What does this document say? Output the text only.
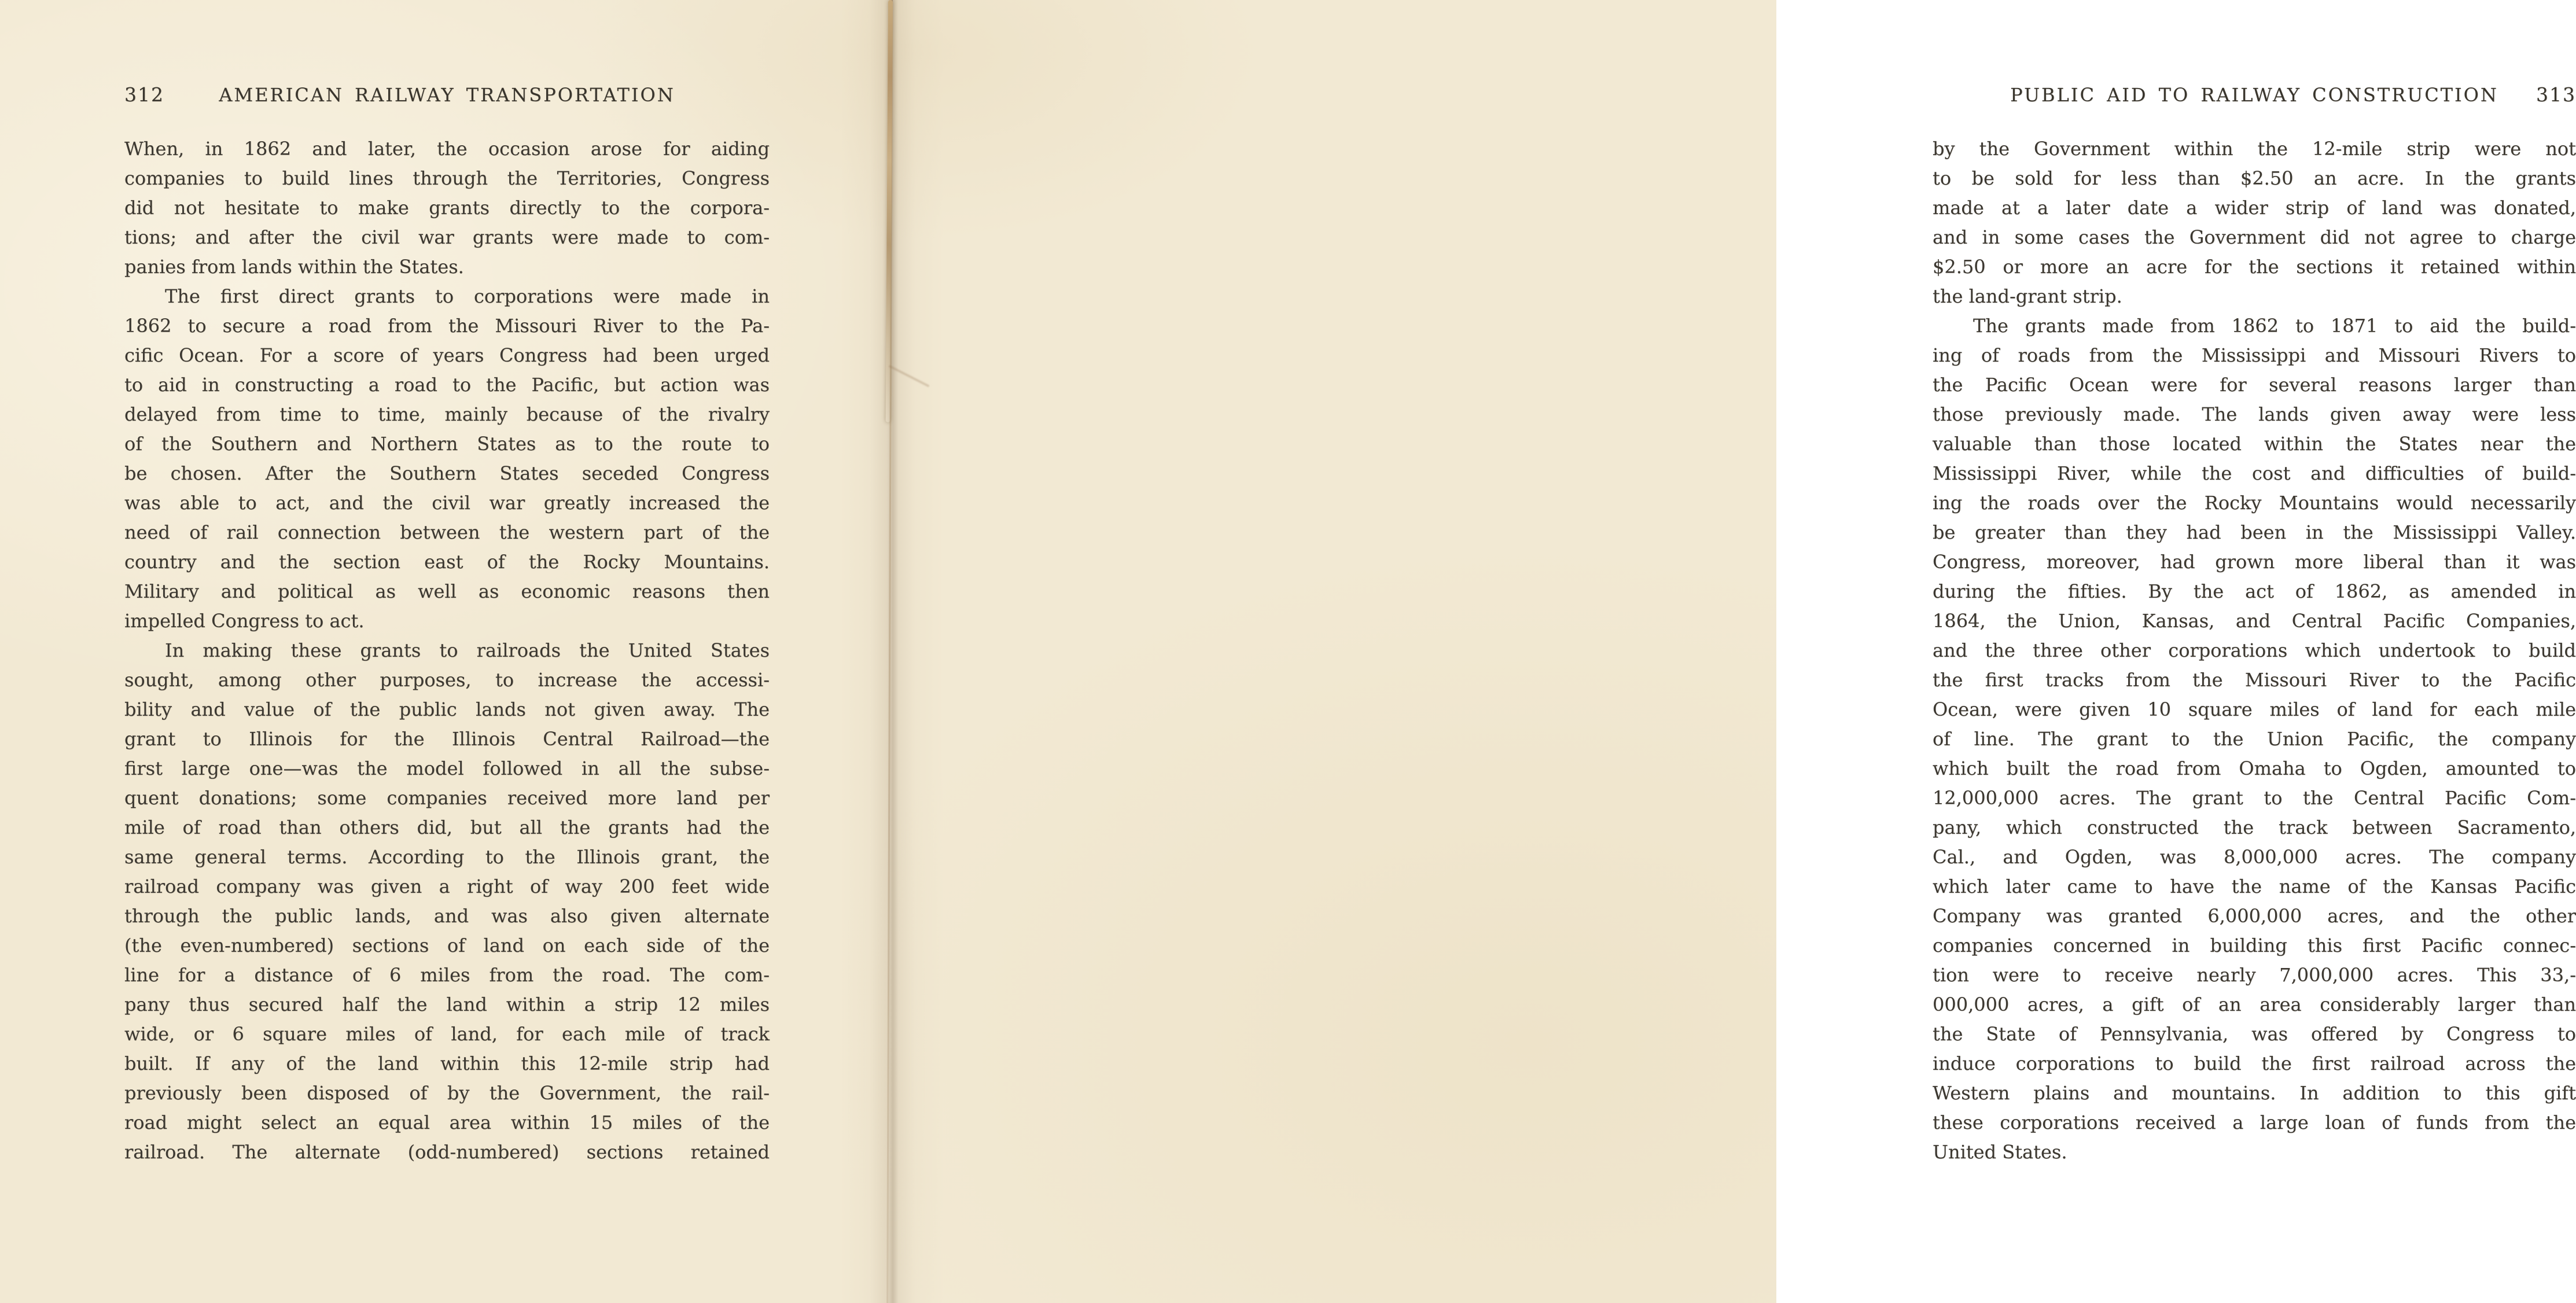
312	AMERICAN RAILWAY TRANSPORTATION
When, in 1862 and later, the occasion arose for aiding
companies to build lines through the Territories, Congress
did not hesitate to make grants directly to the corpora-
tions; and after the civil war grants were made to com-
panies from lands within the States.
The first direct grants to corporations were made in
1862 to secure a road from the Missouri River to the Pa-
cific Ocean. For a score of years Congress had been urged
to aid in constructing a road to the Pacific, but action was
delayed from time to time, mainly because of the rivalry
of the Southern and Northern States as to the route to
be chosen. After the Southern States seceded Congress
was able to act, and the civil war greatly increased the
need of rail connection between the western part of the
country and the section east of the Rocky Mountains.
Military and political as well as economic reasons then
impelled Congress to act.
In making these grants to railroads the United States
sought, among other purposes, to increase the accessi-
bility and value of the public lands not given away. The
grant to Illinois for the Illinois Central Railroad—the
first large one—was the model followed in all the subse-
quent donations; some companies received more land per
mile of road than others did, but all the grants had the
same general terms. According to the Illinois grant, the
railroad company was given a right of way 200 feet wide
through the public lands, and was also given alternate
(the even-numbered) sections of land on each side of the
line for a distance of 6 miles from the road. The com-
pany thus secured half the land within a strip 12 miles
wide, or 6 square miles of land, for each mile of track
built. If any of the land within this 12-mile strip had
previously been disposed of by the Government, the rail-
road might select an equal area within 15 miles of the
railroad. The alternate (odd-numbered) sections retained
PUBLIC AID TO RAILWAY CONSTRUCTION	313
by the Government within the 12-mile strip were not
to be sold for less than $2.50 an acre. In the grants
made at a later date a wider strip of land was donated,
and in some cases the Government did not agree to charge
$2.50 or more an acre for the sections it retained within
the land-grant strip.
The grants made from 1862 to 1871 to aid the build-
ing of roads from the Mississippi and Missouri Rivers to
the Pacific Ocean were for several reasons larger than
those previously made. The lands given away were less
valuable than those located within the States near the
Mississippi River, while the cost and difficulties of build-
ing the roads over the Rocky Mountains would necessarily
be greater than they had been in the Mississippi Valley.
Congress, moreover, had grown more liberal than it was
during the fifties. By the act of 1862, as amended in
1864, the Union, Kansas, and Central Pacific Companies,
and the three other corporations which undertook to build
the first tracks from the Missouri River to the Pacific
Ocean, were given 10 square miles of land for each mile
of line. The grant to the Union Pacific, the company
which built the road from Omaha to Ogden, amounted to
12,000,000 acres. The grant to the Central Pacific Com-
pany, which constructed the track between Sacramento,
Cal., and Ogden, was 8,000,000 acres. The company
which later came to have the name of the Kansas Pacific
Company was granted 6,000,000 acres, and the other
companies concerned in building this first Pacific connec-
tion were to receive nearly 7,000,000 acres. This 33,-
000,000 acres, a gift of an area considerably larger than
the State of Pennsylvania, was offered by Congress to
induce corporations to build the first railroad across the
Western plains and mountains. In addition to this gift
these corporations received a large loan of funds from the
United States.
